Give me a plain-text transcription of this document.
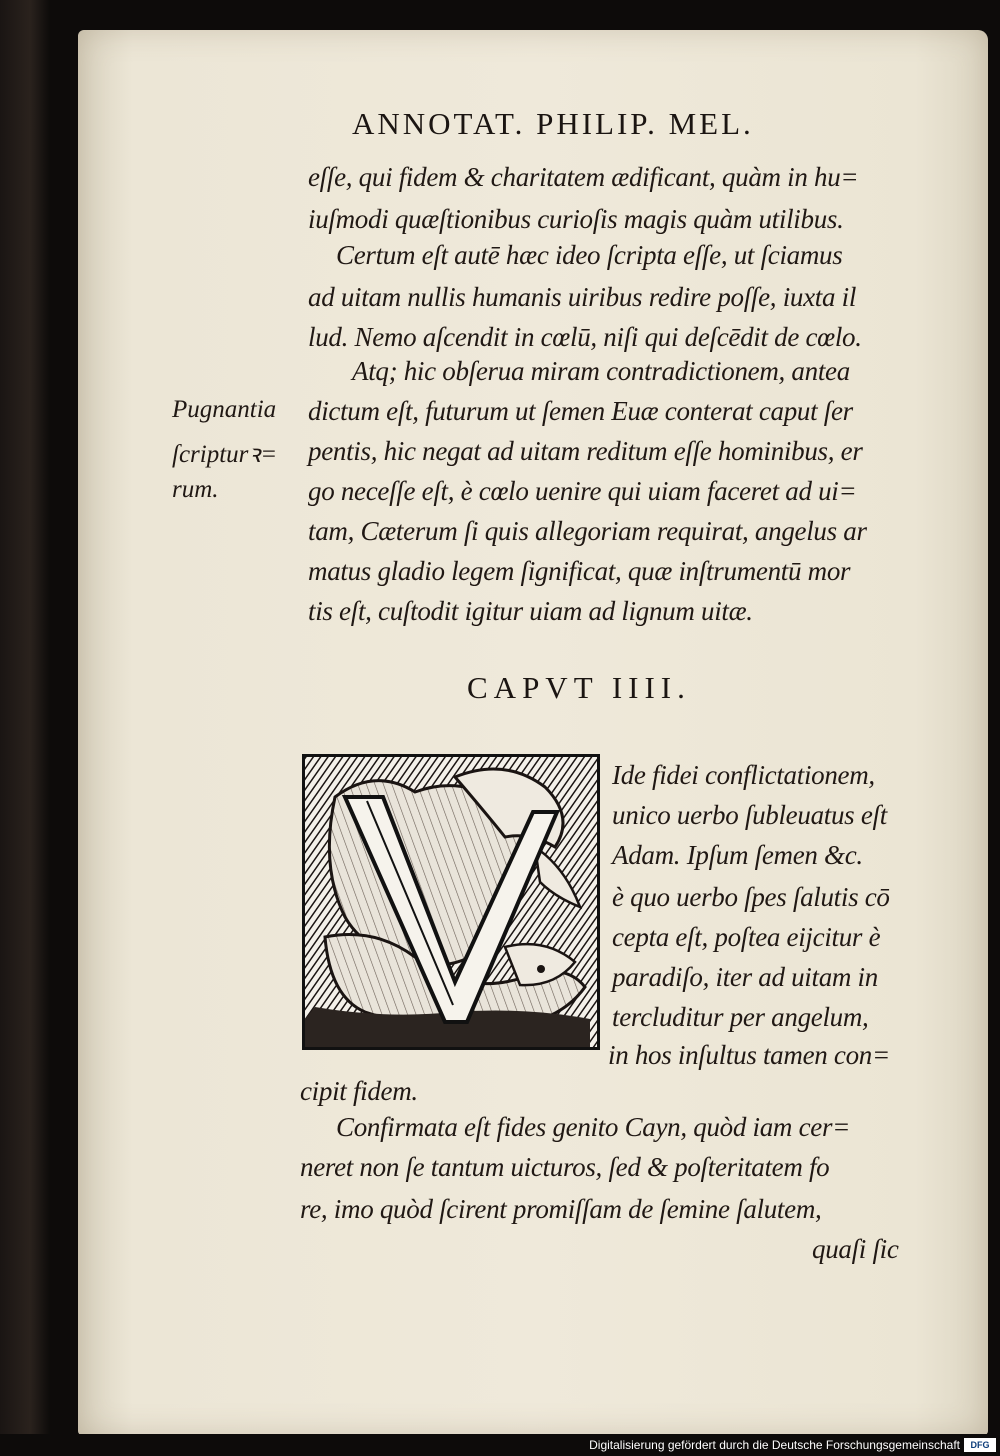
ANNOTAT. PHILIP. MEL.
eſſe, qui fidem & charitatem ædificant, quàm in hu=
iuſmodi quæſtionibus curioſis magis quàm utilibus.
Certum eſt autē hæc ideo ſcripta eſſe, ut ſciamus
ad uitam nullis humanis uiribus redire poſſe, iuxta il
lud. Nemo aſcendit in cœlū, niſi qui deſcēdit de cœlo.
Atq; hic obſerua miram contradictionem, antea
dictum eſt, futurum ut ſemen Euæ conterat caput ſer
pentis, hic negat ad uitam reditum eſſe hominibus, er
go neceſſe eſt, è cœlo uenire qui uiam faceret ad ui=
tam, Cæterum ſi quis allegoriam requirat, angelus ar
matus gladio legem ſignificat, quæ inſtrumentū mor
tis eſt, cuſtodit igitur uiam ad lignum uitæ.
Pugnantia
ſcripturꝛ=
rum.
CAPVT IIII.
Ide fidei conflictationem,
unico uerbo ſubleuatus eſt
Adam. Ipſum ſemen &c.
è quo uerbo ſpes ſalutis cō
cepta eſt, poſtea eijcitur è
paradiſo, iter ad uitam in
tercluditur per angelum,
in hos inſultus tamen con=
cipit fidem.
Confirmata eſt fides genito Cayn, quòd iam cer=
neret non ſe tantum uicturos, ſed & poſteritatem fo
re, imo quòd ſcirent promiſſam de ſemine ſalutem,
quaſi ſic
Digitalisierung gefördert durch die Deutsche Forschungsgemeinschaft	DFG
